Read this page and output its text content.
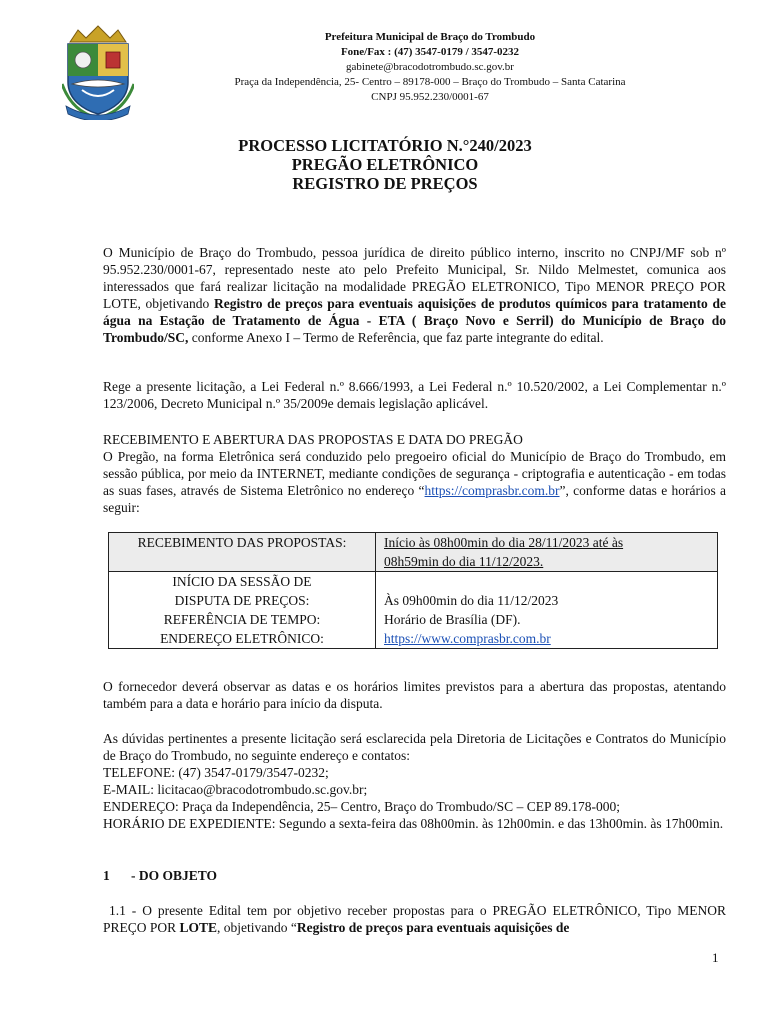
Prefeitura Municipal de Braço do Trombudo
Fone/Fax : (47) 3547-0179 / 3547-0232
gabinete@bracodotrombudo.sc.gov.br
Praça da Independência, 25- Centro – 89178-000 – Braço do Trombudo – Santa Catarina
CNPJ 95.952.230/0001-67
PROCESSO LICITATÓRIO N.°240/2023
PREGÃO ELETRÔNICO
REGISTRO DE PREÇOS

O Município de Braço do Trombudo, pessoa jurídica de direito público interno, inscrito no CNPJ/MF sob nº 95.952.230/0001-67, representado neste ato pelo Prefeito Municipal, Sr. Nildo Melmestet, comunica aos interessados que fará realizar licitação na modalidade PREGÃO ELETRONICO, Tipo MENOR PREÇO POR LOTE, objetivando Registro de preços para eventuais aquisições de produtos químicos para tratamento de água na Estação de Tratamento de Água - ETA ( Braço Novo e Serril) do Município de Braço do Trombudo/SC, conforme Anexo I – Termo de Referência, que faz parte integrante do edital.

Rege a presente licitação, a Lei Federal n.º 8.666/1993, a Lei Federal n.º 10.520/2002, a Lei Complementar n.º 123/2006, Decreto Municipal n.º 35/2009e demais legislação aplicável.

RECEBIMENTO E ABERTURA DAS PROPOSTAS E DATA DO PREGÃO

O Pregão, na forma Eletrônica será conduzido pelo pregoeiro oficial do Município de Braço do Trombudo, em sessão pública, por meio da INTERNET, mediante condições de segurança - criptografia e autenticação - em todas as suas fases, através de Sistema Eletrônico no endereço “https://comprasbr.com.br”, conforme datas e horários a seguir:

RECEBIMENTO DAS PROPOSTAS:	Início às 08h00min do dia 28/11/2023 até às
08h59min do dia 11/12/2023.

INÍCIO DA SESSÃO DE
DISPUTA DE PREÇOS:	Às 09h00min do dia 11/12/2023
REFERÊNCIA DE TEMPO:	Horário de Brasília (DF).
ENDEREÇO ELETRÔNICO:	https://www.comprasbr.com.br

O fornecedor deverá observar as datas e os horários limites previstos para a abertura das propostas, atentando também para a data e horário para início da disputa.

As dúvidas pertinentes a presente licitação será esclarecida pela Diretoria de Licitações e Contratos do Município de Braço do Trombudo, no seguinte endereço e contatos:

TELEFONE: (47) 3547-0179/3547-0232;

E-MAIL: licitacao@bracodotrombudo.sc.gov.br;

ENDEREÇO: Praça da Independência, 25– Centro, Braço do Trombudo/SC – CEP 89.178-000;

HORÁRIO DE EXPEDIENTE: Segundo a sexta-feira das 08h00min. às 12h00min. e das 13h00min. às 17h00min.

1 - DO OBJETO

1.1 - O presente Edital tem por objetivo receber propostas para o PREGÃO ELETRÔNICO, Tipo MENOR PREÇO POR LOTE, objetivando “Registro de preços para eventuais aquisições de

1
